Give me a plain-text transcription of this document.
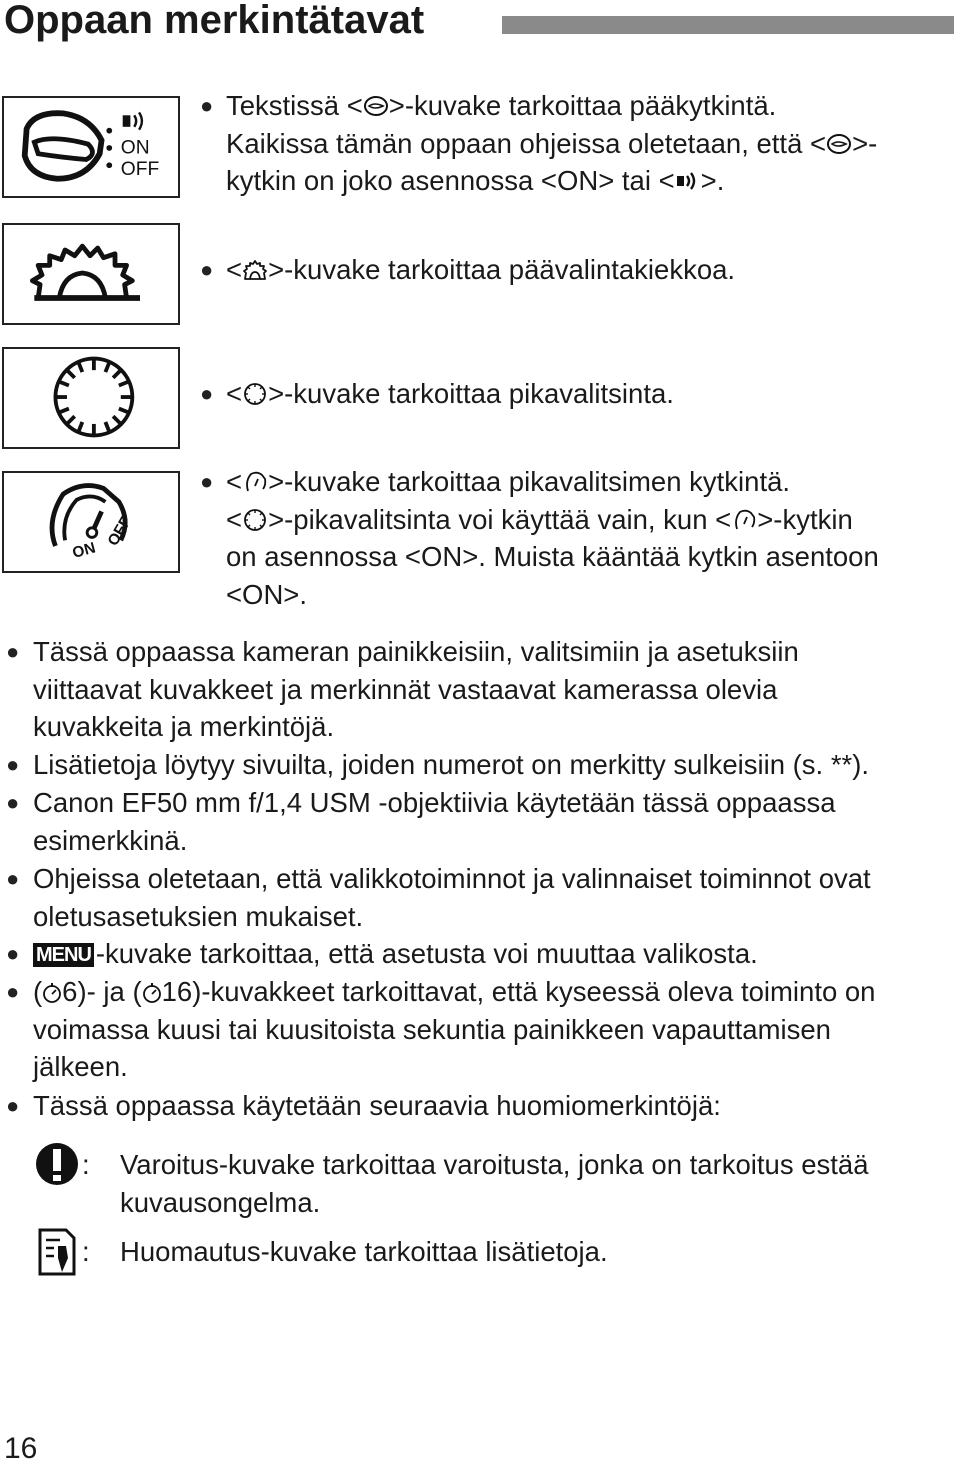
Oppaan merkintätavat
ON
OFF
ON
OFF
● Tekstissä < >-kuvake tarkoittaa pääkytkintä.
Kaikissa tämän oppaan ohjeissa oletetaan, että < >-
kytkin on joko asennossa <ON> tai < >.
● < >-kuvake tarkoittaa päävalintakiekkoa.
● < >-kuvake tarkoittaa pikavalitsinta.
● < >-kuvake tarkoittaa pikavalitsimen kytkintä.
< >-pikavalitsinta voi käyttää vain, kun < >-kytkin
on asennossa <ON>. Muista kääntää kytkin asentoon
<ON>.
● Tässä oppaassa kameran painikkeisiin, valitsimiin ja asetuksiin
viittaavat kuvakkeet ja merkinnät vastaavat kamerassa olevia
kuvakkeita ja merkintöjä.
● Lisätietoja löytyy sivuilta, joiden numerot on merkitty sulkeisiin (s. **).
● Canon EF50 mm f/1,4 USM -objektiivia käytetään tässä oppaassa
esimerkkinä.
● Ohjeissa oletetaan, että valikkotoiminnot ja valinnaiset toiminnot ovat
oletusasetuksien mukaiset.
● MENU -kuvake tarkoittaa, että asetusta voi muuttaa valikosta.
● ( 6)- ja ( 16)-kuvakkeet tarkoittavat, että kyseessä oleva toiminto on
voimassa kuusi tai kuusitoista sekuntia painikkeen vapauttamisen
jälkeen.
● Tässä oppaassa käytetään seuraavia huomiomerkintöjä:
: Varoitus-kuvake tarkoittaa varoitusta, jonka on tarkoitus estää
kuvausongelma.
: Huomautus-kuvake tarkoittaa lisätietoja.
16
